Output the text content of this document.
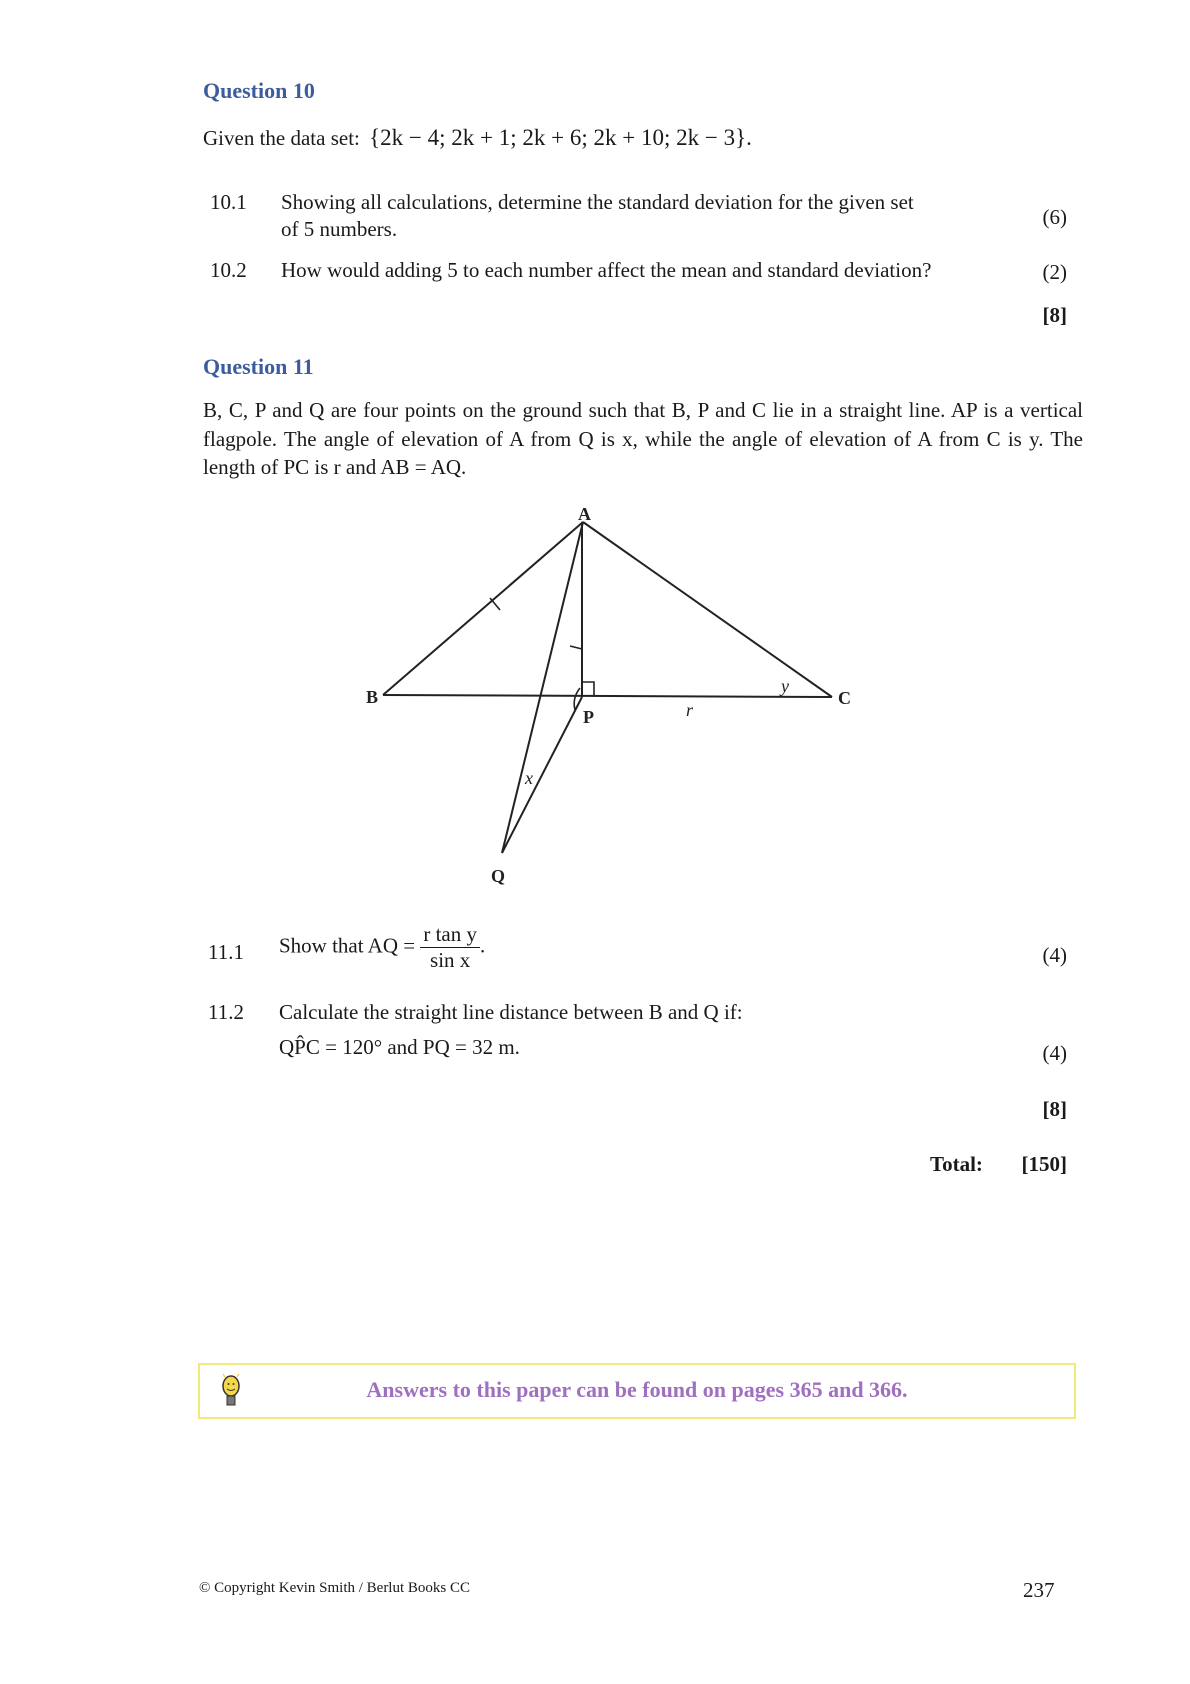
Question 10
Given the data set: {2k − 4; 2k + 1; 2k + 6; 2k + 10; 2k − 3}.
10.1 Showing all calculations, determine the standard deviation for the given set
of 5 numbers.	(6)
10.2 How would adding 5 to each number affect the mean and standard deviation?	(2)
[8]
Question 11
B, C, P and Q are four points on the ground such that B, P and C lie in a straight line. AP is a vertical flagpole. The angle of elevation of A from Q is x, while the angle of elevation of A from C is y. The length of PC is r and AB = AQ.
A
B	C
P
Q
r
y
x
11.1 Show that AQ = $\frac{\text{r tan y}}{\text{sin x}}$ .	(4)
11.2 Calculate the straight line distance between B and Q if:
QP̂C = 120° and PQ = 32 m.	(4)
[8]
Total: [150]
Answers to this paper can be found on pages 365 and 366.
© Copyright Kevin Smith / Berlut Books CC	237
